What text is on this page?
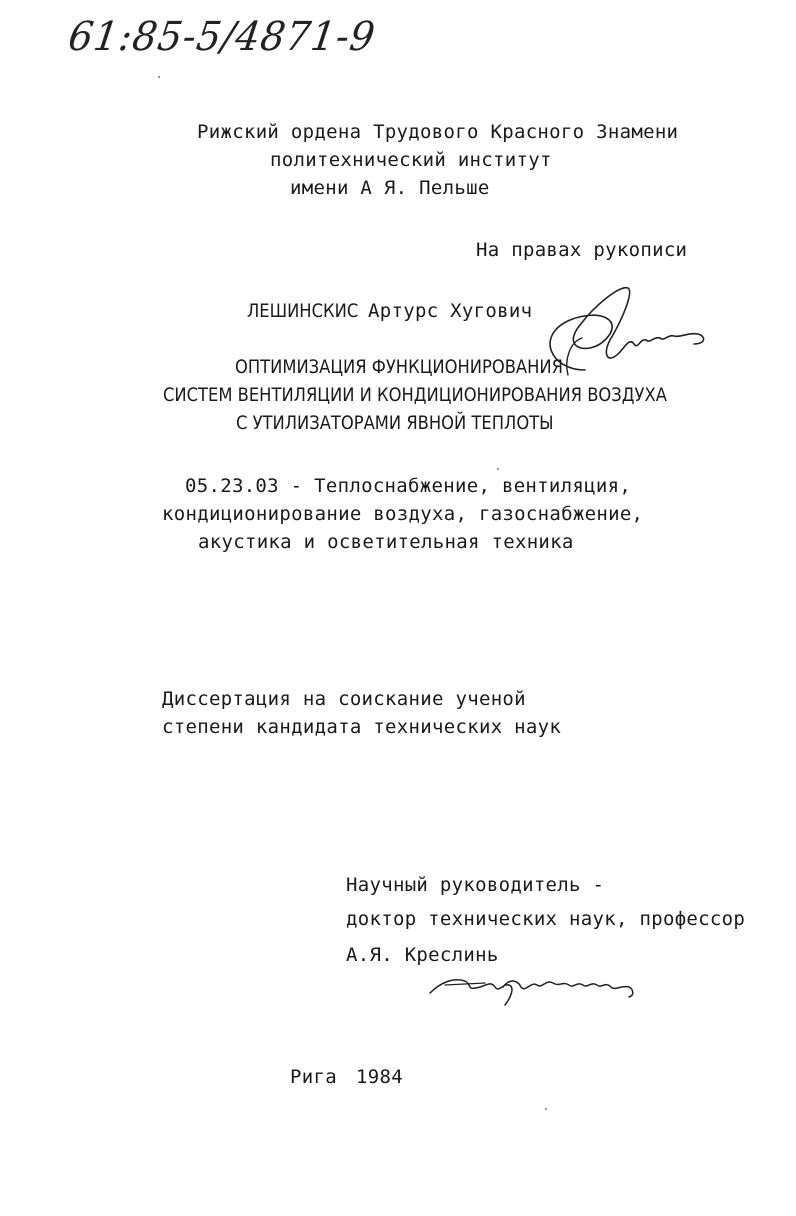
61:85-5/4871-9
Рижский ордена Трудового Красного Знамени
политехнический институт
имени А Я. Пельше
На правах рукописи
ЛЕШИНСКИС Артурс Хугович
ОПТИМИЗАЦИЯ ФУНКЦИОНИРОВАНИЯ
СИСТЕМ ВЕНТИЛЯЦИИ И КОНДИЦИОНИРОВАНИЯ ВОЗДУХА
С УТИЛИЗАТОРАМИ ЯВНОЙ ТЕПЛОТЫ
05.23.03 - Теплоснабжение, вентиляция,
кондиционирование воздуха, газоснабжение,
акустика и осветительная техника
Диссертация на соискание ученой
степени кандидата технических наук
Научный руководитель -
доктор технических наук, профессор
А.Я. Креслинь
Рига 1984
